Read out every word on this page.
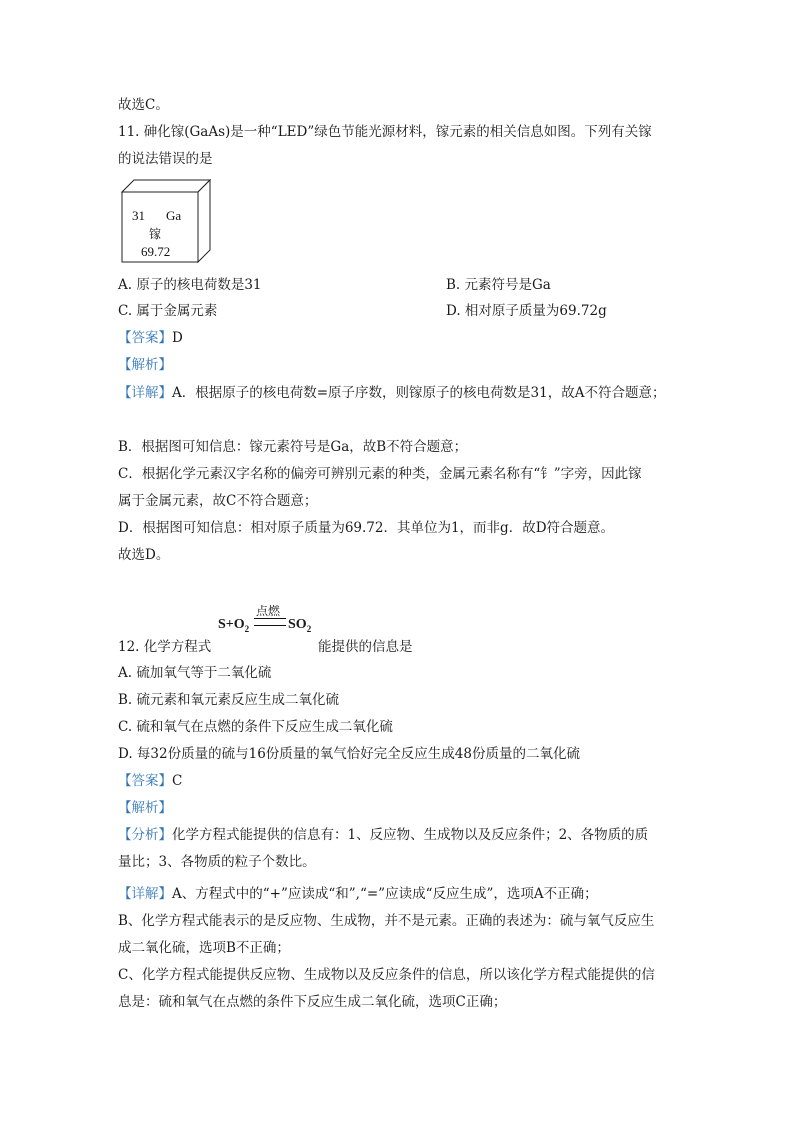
故选C。
11. 砷化镓(GaAs)是一种“LED”绿色节能光源材料，镓元素的相关信息如图。下列有关镓
的说法错误的是
31 Ga
镓
69.72
A. 原子的核电荷数是31	B. 元素符号是Ga
C. 属于金属元素	D. 相对原子质量为69.72g
【答案】D
【解析】
【详解】A．根据原子的核电荷数=原子序数，则镓原子的核电荷数是31，故A不符合题意；
B．根据图可知信息：镓元素符号是Ga，故B不符合题意；
C．根据化学元素汉字名称的偏旁可辨别元素的种类，金属元素名称有“钅”字旁，因此镓
属于金属元素，故C不符合题意；
D．根据图可知信息：相对原子质量为69.72．其单位为1，而非g．故D符合题意。
故选D。
点燃
$S+O_2$	$SO_2$
12. 化学方程式	能提供的信息是
A. 硫加氧气等于二氧化硫
B. 硫元素和氧元素反应生成二氧化硫
C. 硫和氧气在点燃的条件下反应生成二氧化硫
D. 每32份质量的硫与16份质量的氧气恰好完全反应生成48份质量的二氧化硫
【答案】C
【解析】
【分析】化学方程式能提供的信息有：1、反应物、生成物以及反应条件；2、各物质的质
量比；3、各物质的粒子个数比。
【详解】A、方程式中的“+”应读成“和”,“=”应读成“反应生成”，选项A不正确；
B、化学方程式能表示的是反应物、生成物，并不是元素。正确的表述为：硫与氧气反应生
成二氧化硫，选项B不正确；
C、化学方程式能提供反应物、生成物以及反应条件的信息，所以该化学方程式能提供的信
息是：硫和氧气在点燃的条件下反应生成二氧化硫，选项C正确；
